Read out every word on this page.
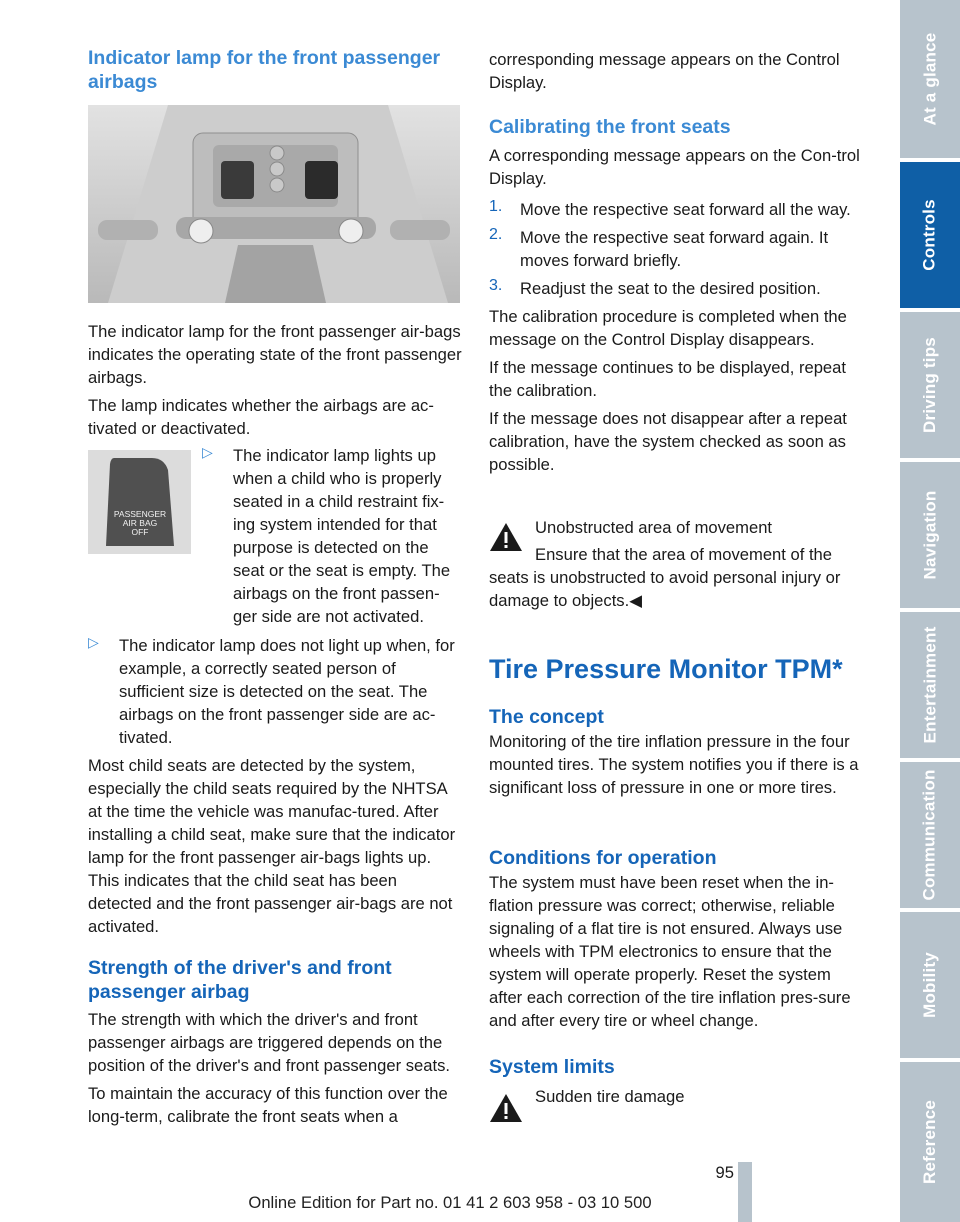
Indicator lamp for the front passenger airbags

The indicator lamp for the front passenger air-bags indicates the operating state of the front passenger airbags.

The lamp indicates whether the airbags are ac-tivated or deactivated.

PASSENGER
AIR BAG
OFF
▷ The indicator lamp lights up when a child who is properly seated in a child restraint fix-ing system intended for that purpose is detected on the seat or the seat is empty. The airbags on the front passen-ger side are not activated.

▷ The indicator lamp does not light up when, for example, a correctly seated person of sufficient size is detected on the seat. The airbags on the front passenger side are ac-tivated.

Most child seats are detected by the system, especially the child seats required by the NHTSA at the time the vehicle was manufac-tured. After installing a child seat, make sure that the indicator lamp for the front passenger air-bags lights up. This indicates that the child seat has been detected and the front passenger air-bags are not activated.

Strength of the driver's and front passenger airbag

The strength with which the driver's and front passenger airbags are triggered depends on the position of the driver's and front passenger seats.

To maintain the accuracy of this function over the long-term, calibrate the front seats when a

corresponding message appears on the Control Display.

Calibrating the front seats

A corresponding message appears on the Con-trol Display.

1. Move the respective seat forward all the way.

2. Move the respective seat forward again. It moves forward briefly.

3. Readjust the seat to the desired position.

The calibration procedure is completed when the message on the Control Display disappears.

If the message continues to be displayed, repeat the calibration.

If the message does not disappear after a repeat calibration, have the system checked as soon as possible.

Unobstructed area of movement

Ensure that the area of movement of the seats is unobstructed to avoid personal injury or damage to objects.◀

Tire Pressure Monitor TPM*
The concept

Monitoring of the tire inflation pressure in the four mounted tires. The system notifies you if there is a significant loss of pressure in one or more tires.

Conditions for operation

The system must have been reset when the in-flation pressure was correct; otherwise, reliable signaling of a flat tire is not ensured. Always use wheels with TPM electronics to ensure that the system will operate properly. Reset the system after each correction of the tire inflation pres-sure and after every tire or wheel change.

System limits

Sudden tire damage

At a glance
Controls
Driving tips
Navigation
Entertainment
Communication
Mobility
Reference
95
Online Edition for Part no. 01 41 2 603 958 - 03 10 500
